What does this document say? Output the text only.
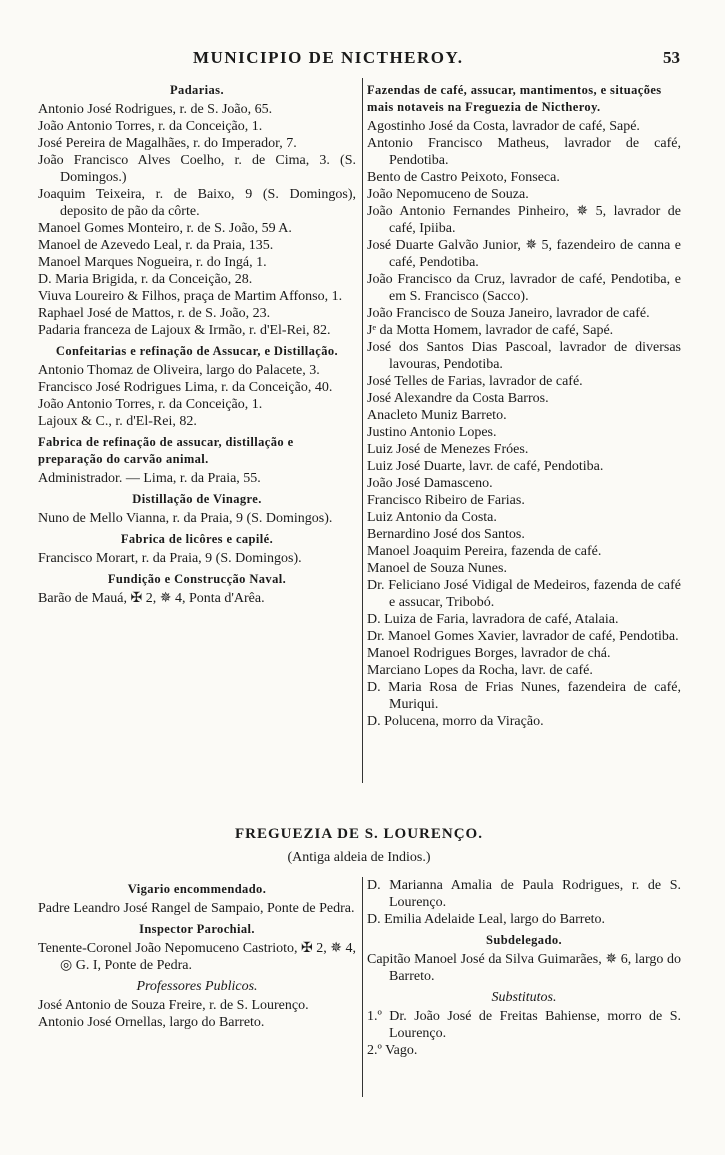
MUNICIPIO DE NICTHEROY.	53
Padarias.
Antonio José Rodrigues, r. de S. João, 65.
João Antonio Torres, r. da Conceição, 1.
José Pereira de Magalhães, r. do Imperador, 7.
João Francisco Alves Coelho, r. de Cima, 3. (S. Domingos.)
Joaquim Teixeira, r. de Baixo, 9 (S. Domingos), deposito de pão da côrte.
Manoel Gomes Monteiro, r. de S. João, 59 A.
Manoel de Azevedo Leal, r. da Praia, 135.
Manoel Marques Nogueira, r. do Ingá, 1.
D. Maria Brigida, r. da Conceição, 28.
Viuva Loureiro & Filhos, praça de Martim Affonso, 1.
Raphael José de Mattos, r. de S. João, 23.
Padaria franceza de Lajoux & Irmão, r. d'El-Rei, 82.
Confeitarias e refinação de Assucar, e Distillação.
Antonio Thomaz de Oliveira, largo do Palacete, 3.
Francisco José Rodrigues Lima, r. da Conceição, 40.
João Antonio Torres, r. da Conceição, 1.
Lajoux & C., r. d'El-Rei, 82.
Fabrica de refinação de assucar, distillação e preparação do carvão animal.
Administrador. — Lima, r. da Praia, 55.
Distillação de Vinagre.
Nuno de Mello Vianna, r. da Praia, 9 (S. Domingos).
Fabrica de licôres e capilé.
Francisco Morart, r. da Praia, 9 (S. Domingos).
Fundição e Construcção Naval.
Barão de Mauá, ✠ 2, ✵ 4, Ponta d'Arêa.
Fazendas de café, assucar, mantimentos, e situações mais notaveis na Freguezia de Nictheroy.
Agostinho José da Costa, lavrador de café, Sapé.
Antonio Francisco Matheus, lavrador de café, Pendotiba.
Bento de Castro Peixoto, Fonseca.
João Nepomuceno de Souza.
João Antonio Fernandes Pinheiro, ✵ 5, lavrador de café, Ipiiba.
José Duarte Galvão Junior, ✵ 5, fazendeiro de canna e café, Pendotiba.
João Francisco da Cruz, lavrador de café, Pendotiba, e em S. Francisco (Sacco).
João Francisco de Souza Janeiro, lavrador de café.
Jᵉ da Motta Homem, lavrador de café, Sapé.
José dos Santos Dias Pascoal, lavrador de diversas lavouras, Pendotiba.
José Telles de Farias, lavrador de café.
José Alexandre da Costa Barros.
Anacleto Muniz Barreto.
Justino Antonio Lopes.
Luiz José de Menezes Fróes.
Luiz José Duarte, lavr. de café, Pendotiba.
João José Damasceno.
Francisco Ribeiro de Farias.
Luiz Antonio da Costa.
Bernardino José dos Santos.
Manoel Joaquim Pereira, fazenda de café.
Manoel de Souza Nunes.
Dr. Feliciano José Vidigal de Medeiros, fazenda de café e assucar, Tribobó.
D. Luiza de Faria, lavradora de café, Atalaia.
Dr. Manoel Gomes Xavier, lavrador de café, Pendotiba.
Manoel Rodrigues Borges, lavrador de chá.
Marciano Lopes da Rocha, lavr. de café.
D. Maria Rosa de Frias Nunes, fazendeira de café, Muriqui.
D. Polucena, morro da Viração.
FREGUEZIA DE S. LOURENÇO.
(Antiga aldeia de Indios.)
Vigario encommendado.
Padre Leandro José Rangel de Sampaio, Ponte de Pedra.
Inspector Parochial.
Tenente-Coronel João Nepomuceno Castrioto, ✠ 2, ✵ 4, ◎ G. I, Ponte de Pedra.
Professores Publicos.
José Antonio de Souza Freire, r. de S. Lourenço.
Antonio José Ornellas, largo do Barreto.
D. Marianna Amalia de Paula Rodrigues, r. de S. Lourenço.
D. Emilia Adelaide Leal, largo do Barreto.
Subdelegado.
Capitão Manoel José da Silva Guimarães, ✵ 6, largo do Barreto.
Substitutos.
1.º Dr. João José de Freitas Bahiense, morro de S. Lourenço.
2.º Vago.
